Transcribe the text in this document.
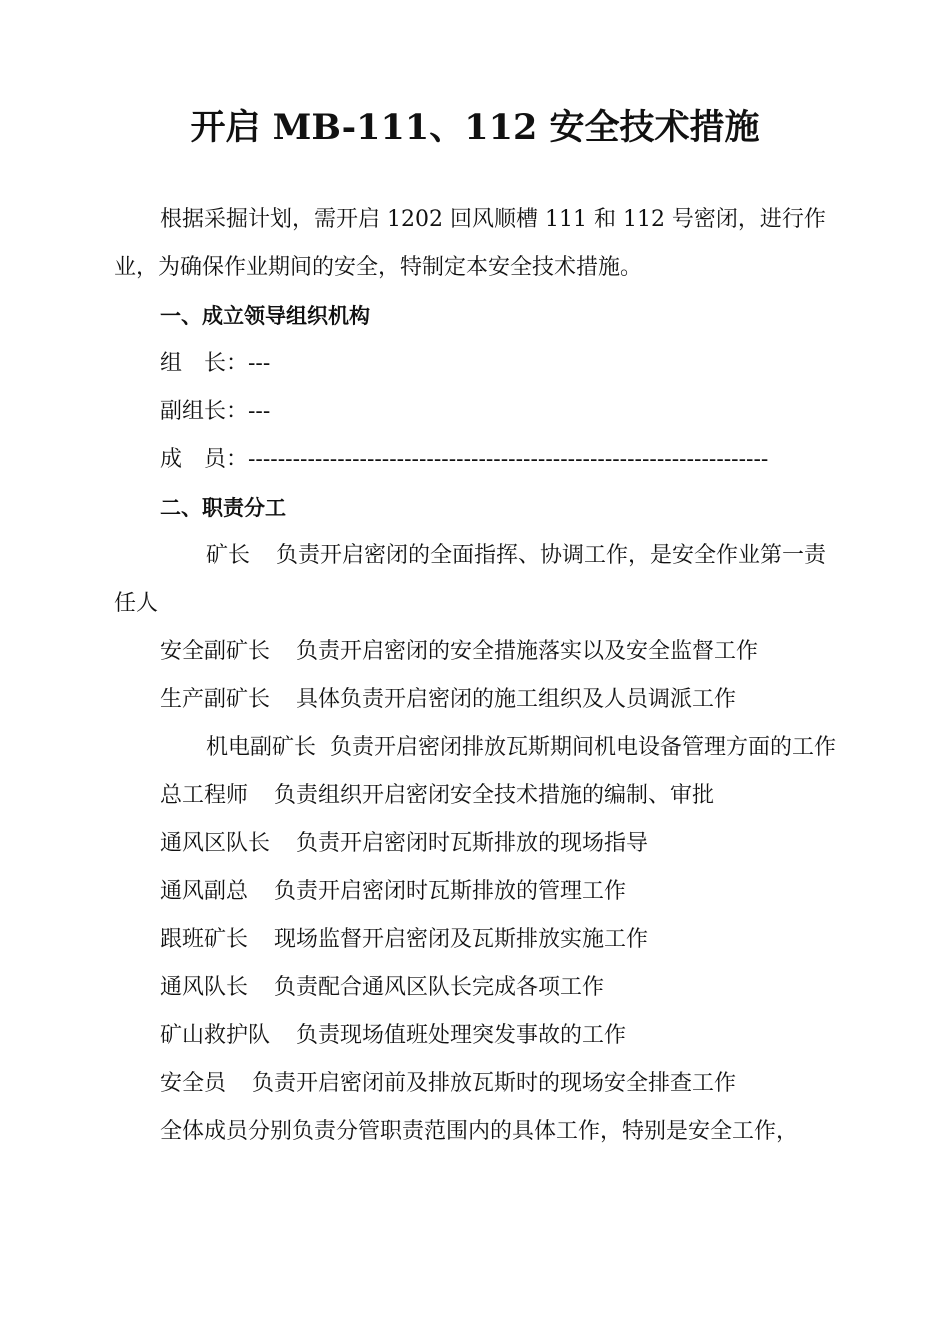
开启 MB-111、112 安全技术措施

根据采掘计划，需开启 1202 回风顺槽 111 和 112 号密闭，进行作业，为确保作业期间的安全，特制定本安全技术措施。

一、成立领导组织机构

组　长：---

副组长：---

成　员：----------------------------------------------------------------------

二、职责分工

矿长 负责开启密闭的全面指挥、协调工作，是安全作业第一责任人

安全副矿长 负责开启密闭的安全措施落实以及安全监督工作

生产副矿长 具体负责开启密闭的施工组织及人员调派工作

机电副矿长 负责开启密闭排放瓦斯期间机电设备管理方面的工作

总工程师 负责组织开启密闭安全技术措施的编制、审批

通风区队长 负责开启密闭时瓦斯排放的现场指导

通风副总 负责开启密闭时瓦斯排放的管理工作

跟班矿长 现场监督开启密闭及瓦斯排放实施工作

通风队长 负责配合通风区队长完成各项工作

矿山救护队 负责现场值班处理突发事故的工作

安全员 负责开启密闭前及排放瓦斯时的现场安全排查工作

全体成员分别负责分管职责范围内的具体工作，特别是安全工作，
